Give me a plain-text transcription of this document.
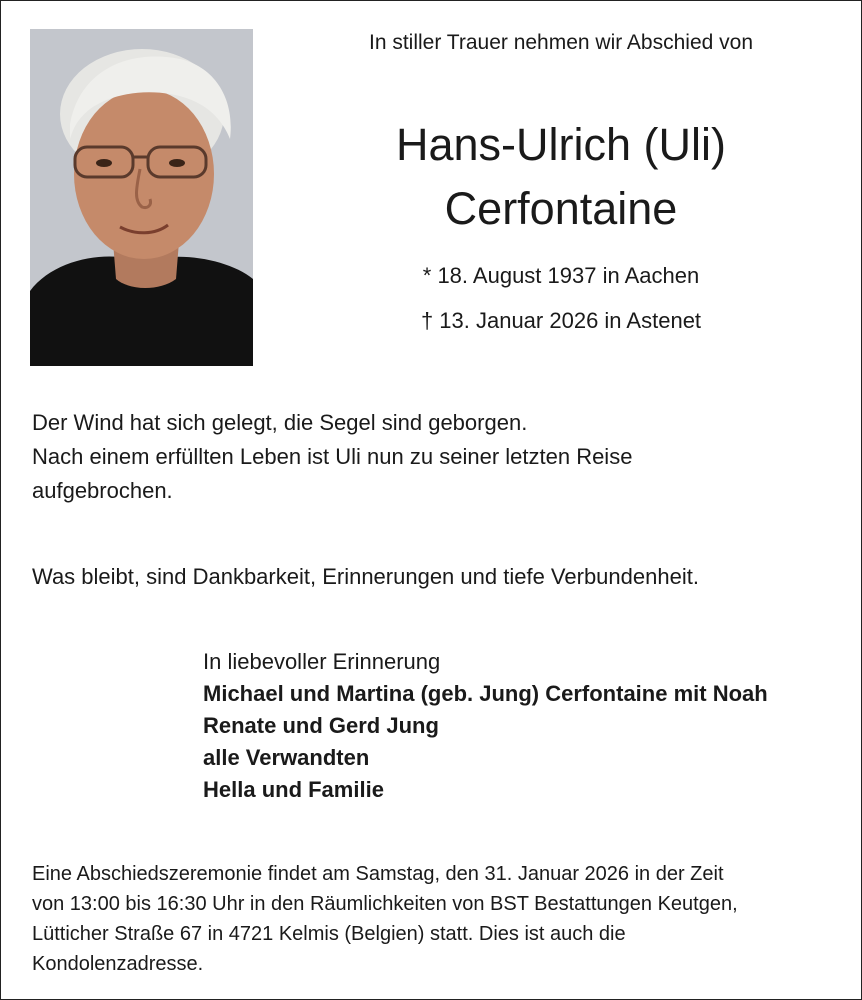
In stiller Trauer nehmen wir Abschied von
Hans-Ulrich (Uli)
Cerfontaine
* 18. August 1937 in Aachen
† 13. Januar 2026 in Astenet

Der Wind hat sich gelegt, die Segel sind geborgen.

Nach einem erfüllten Leben ist Uli nun zu seiner letzten Reise

aufgebrochen.

Was bleibt, sind Dankbarkeit, Erinnerungen und tiefe Verbundenheit.
In liebevoller Erinnerung
Michael und Martina (geb. Jung) Cerfontaine mit Noah
Renate und Gerd Jung
alle Verwandten
Hella und Familie
Eine Abschiedszeremonie findet am Samstag, den 31. Januar 2026 in der Zeit
von 13:00 bis 16:30 Uhr in den Räumlichkeiten von BST Bestattungen Keutgen,
Lütticher Straße 67 in 4721 Kelmis (Belgien) statt. Dies ist auch die
Kondolenzadresse.
